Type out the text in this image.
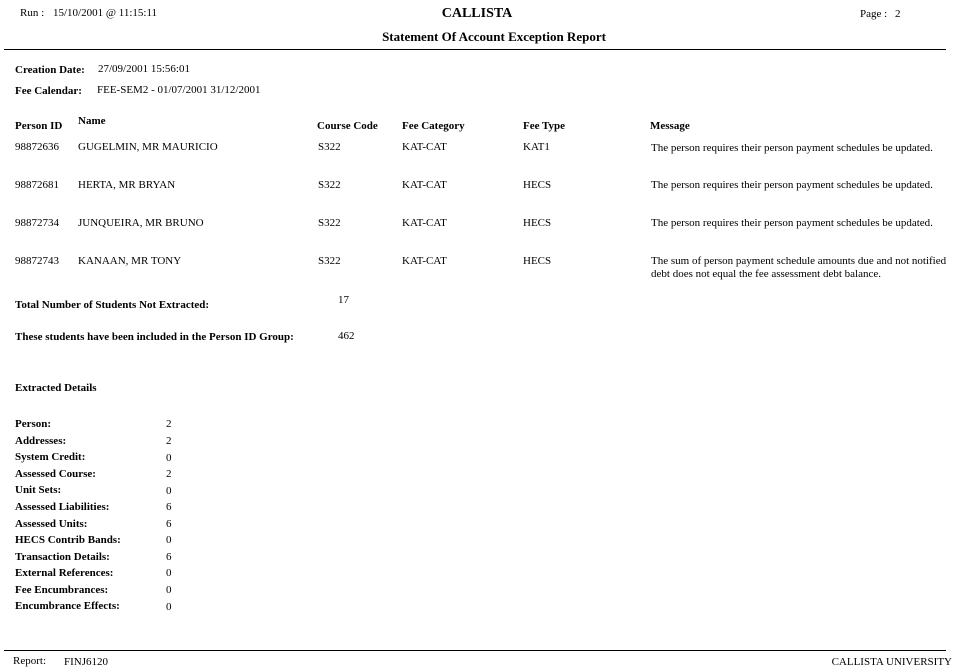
Run : 15/10/2001 @ 11:15:11	CALLISTA
Statement Of Account Exception Report
Page : 2
Creation Date: 27/09/2001 15:56:01
Fee Calendar: FEE-SEM2 - 01/07/2001 31/12/2001
Person ID Name	Course Code Fee Category	Fee Type	Message
98872636 GUGELMIN, MR MAURICIO	S322	KAT-CAT	KAT1	The person requires their person payment schedules be updated.
98872681 HERTA, MR BRYAN	S322	KAT-CAT	HECS	The person requires their person payment schedules be updated.
98872734 JUNQUEIRA, MR BRUNO	S322	KAT-CAT	HECS	The person requires their person payment schedules be updated.
98872743 KANAAN, MR TONY	S322	KAT-CAT	HECS	The sum of person payment schedule amounts due and not notified debt does not equal the fee assessment debt balance.
Total Number of Students Not Extracted:	17
These students have been included in the Person ID Group:	462
Extracted Details
Person:	2
Addresses:	2
System Credit:	0
Assessed Course:	2
Unit Sets:	0
Assessed Liabilities:	6
Assessed Units:	6
HECS Contrib Bands:	0
Transaction Details:	6
External References:	0
Fee Encumbrances:	0
Encumbrance Effects:	0
Report: FINJ6120	CALLISTA UNIVERSITY
